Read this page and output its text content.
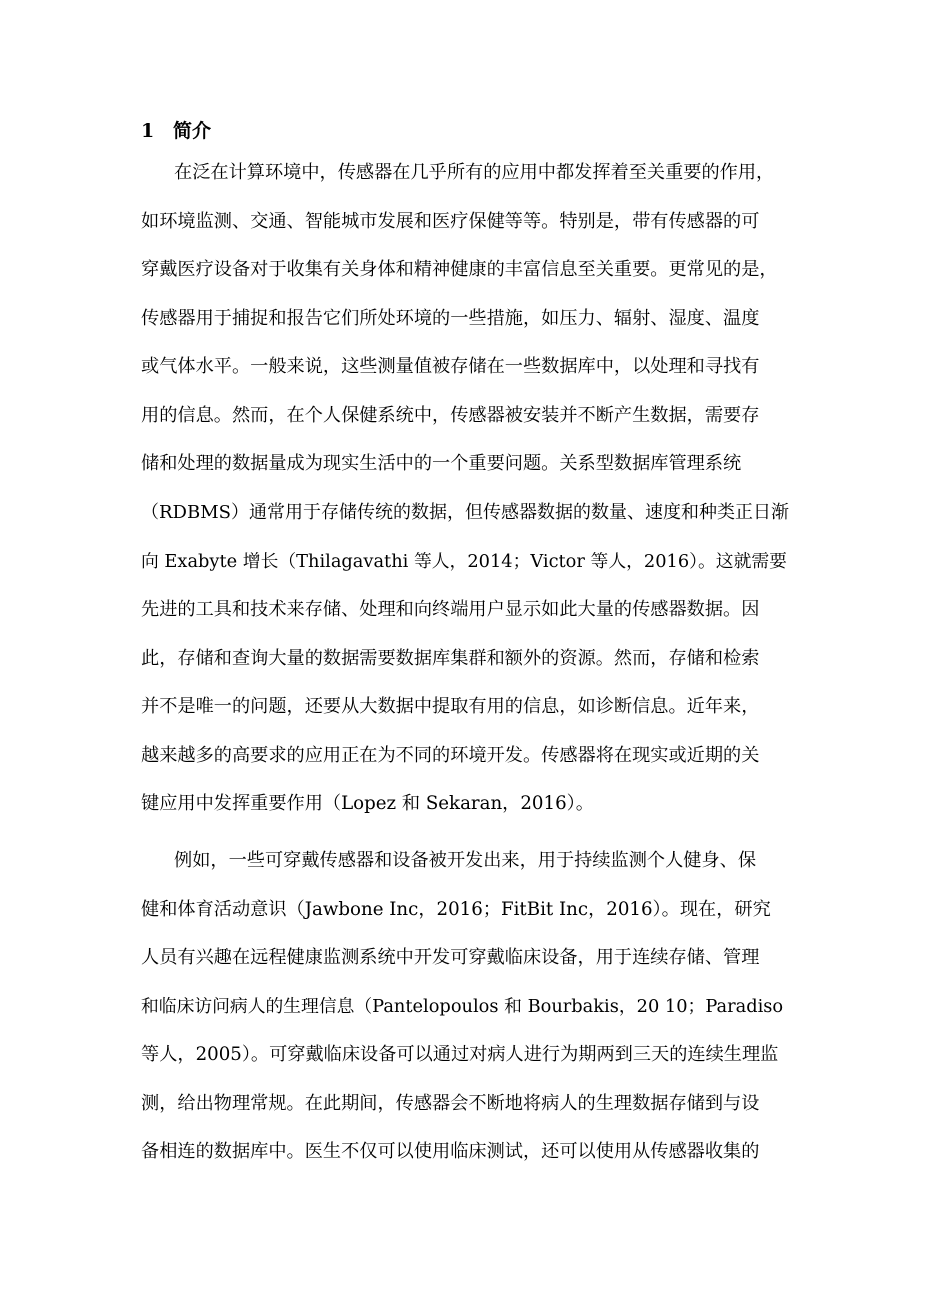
1 简介
在泛在计算环境中，传感器在几乎所有的应用中都发挥着至关重要的作用，
如环境监测、交通、智能城市发展和医疗保健等等。特别是，带有传感器的可
穿戴医疗设备对于收集有关身体和精神健康的丰富信息至关重要。更常见的是，
传感器用于捕捉和报告它们所处环境的一些措施，如压力、辐射、湿度、温度
或气体水平。一般来说，这些测量值被存储在一些数据库中，以处理和寻找有
用的信息。然而，在个人保健系统中，传感器被安装并不断产生数据，需要存
储和处理的数据量成为现实生活中的一个重要问题。关系型数据库管理系统
（RDBMS）通常用于存储传统的数据，但传感器数据的数量、速度和种类正日渐
向 Exabyte 增长（Thilagavathi 等人，2014；Victor 等人，2016）。这就需要
先进的工具和技术来存储、处理和向终端用户显示如此大量的传感器数据。因
此，存储和查询大量的数据需要数据库集群和额外的资源。然而，存储和检索
并不是唯一的问题，还要从大数据中提取有用的信息，如诊断信息。近年来，
越来越多的高要求的应用正在为不同的环境开发。传感器将在现实或近期的关
键应用中发挥重要作用（Lopez 和 Sekaran，2016）。
例如，一些可穿戴传感器和设备被开发出来，用于持续监测个人健身、保
健和体育活动意识（Jawbone Inc，2016；FitBit Inc，2016）。现在，研究
人员有兴趣在远程健康监测系统中开发可穿戴临床设备，用于连续存储、管理
和临床访问病人的生理信息（Pantelopoulos 和 Bourbakis，20 10；Paradiso
等人，2005）。可穿戴临床设备可以通过对病人进行为期两到三天的连续生理监
测，给出物理常规。在此期间，传感器会不断地将病人的生理数据存储到与设
备相连的数据库中。医生不仅可以使用临床测试，还可以使用从传感器收集的
